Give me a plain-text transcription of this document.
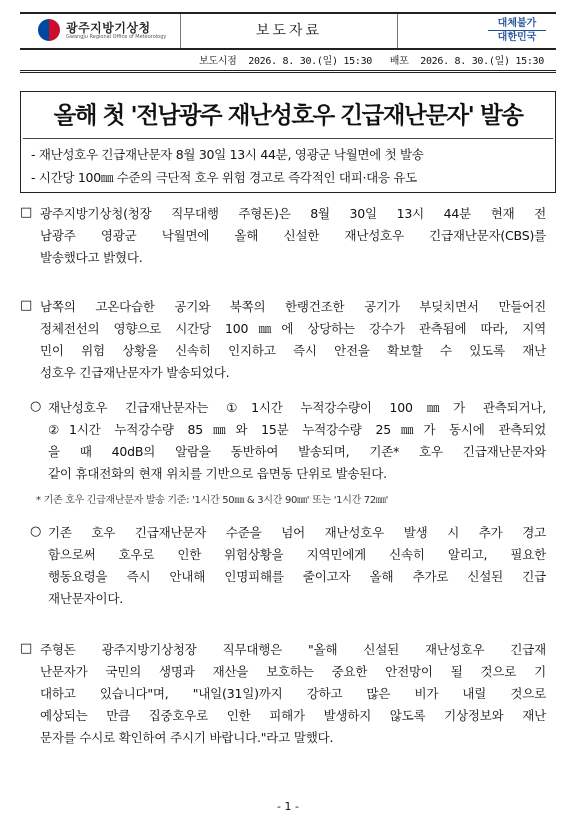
광주지방기상청
Gwangju Regional Office of Meteorology	보도자료	대체불가
대한민국
보도시점 2026. 8. 30.(일) 15:30 배포 2026. 8. 30.(일) 15:30
올해 첫 '전남광주 재난성호우 긴급재난문자' 발송
- 재난성호우 긴급재난문자 8월 30일 13시 44분, 영광군 낙월면에 첫 발송
- 시간당 100㎜ 수준의 극단적 호우 위험 경고로 즉각적인 대피·대응 유도
□ 광주지방기상청(청장 직무대행 주형돈)은 8월 30일 13시 44분 현재 전
남광주 영광군 낙월면에 올해 신설한 재난성호우 긴급재난문자(CBS)를
발송했다고 밝혔다.
□ 남쪽의 고온다습한 공기와 북쪽의 한랭건조한 공기가 부딪치면서 만들어진
정체전선의 영향으로 시간당 100㎜에 상당하는 강수가 관측됨에 따라, 지역
민이 위험 상황을 신속히 인지하고 즉시 안전을 확보할 수 있도록 재난
성호우 긴급재난문자가 발송되었다.
○ 재난성호우 긴급재난문자는 ①1시간 누적강수량이 100㎜가 관측되거나,
②1시간 누적강수량 85㎜와 15분 누적강수량 25㎜가 동시에 관측되었
을 때 40dB의 알람을 동반하여 발송되며, 기존* 호우 긴급재난문자와
같이 휴대전화의 현재 위치를 기반으로 읍면동 단위로 발송된다.
* 기존 호우 긴급재난문자 발송 기준: '1시간 50㎜ & 3시간 90㎜' 또는 '1시간 72㎜'
○ 기존 호우 긴급재난문자 수준을 넘어 재난성호우 발생 시 추가 경고
함으로써 호우로 인한 위험상황을 지역민에게 신속히 알리고, 필요한
행동요령을 즉시 안내해 인명피해를 줄이고자 올해 추가로 신설된 긴급
재난문자이다.
□ 주형돈 광주지방기상청장 직무대행은 "올해 신설된 재난성호우 긴급재
난문자가 국민의 생명과 재산을 보호하는 중요한 안전망이 될 것으로 기
대하고 있습니다"며, "내일(31일)까지 강하고 많은 비가 내릴 것으로
예상되는 만큼 집중호우로 인한 피해가 발생하지 않도록 기상정보와 재난
문자를 수시로 확인하여 주시기 바랍니다."라고 말했다.
- 1 -
